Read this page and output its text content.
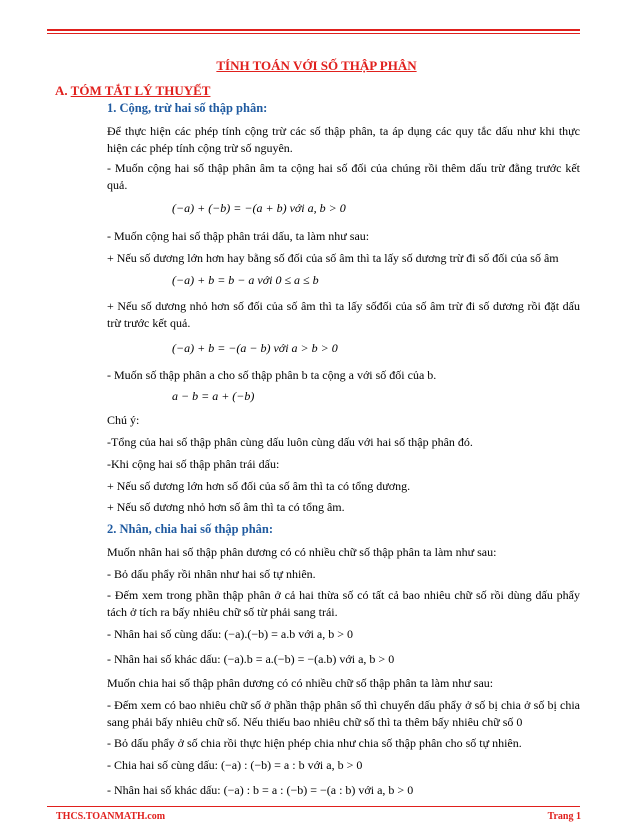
TÍNH TOÁN VỚI SỐ THẬP PHÂN
A. TÓM TẮT LÝ THUYẾT
1. Cộng, trừ hai số thập phân:
Để thực hiện các phép tính cộng trừ các số thập phân, ta áp dụng các quy tắc dấu như khi thực hiện các phép tính cộng trừ số nguyên.
- Muốn cộng hai số thập phân âm ta cộng hai số đối của chúng rồi thêm dấu trừ đằng trước kết quả.
(−a) + (−b) = −(a + b) với a, b > 0
- Muốn cộng hai số thập phân trái dấu, ta làm như sau:
+ Nếu số dương lớn hơn hay bằng số đối của số âm thì ta lấy số dương trừ đi số đối của số âm
(−a) + b = b − a với 0 ≤ a ≤ b
+ Nếu số dương nhỏ hơn số đối của số âm thì ta lấy sốđối của số âm trừ đi số dương rồi đặt dấu trừ trước kết quả.
(−a) + b = −(a − b) với a > b > 0
- Muốn số thập phân a cho số thập phân b ta cộng a với số đối của b.
a − b = a + (−b)
Chú ý:
-Tổng của hai số thập phân cùng dấu luôn cùng dấu với hai số thập phân đó.
-Khi cộng hai số thập phân trái dấu:
+ Nếu số dương lớn hơn số đối của số âm thì ta có tổng dương.
+ Nếu số dương nhỏ hơn số âm thì ta có tổng âm.
2. Nhân, chia hai số thập phân:
Muốn nhân hai số thập phân dương có có nhiều chữ số thập phân ta làm như sau:
- Bỏ dấu phẩy rồi nhân như hai số tự nhiên.
- Đếm xem trong phần thập phân ở cả hai thừa số có tất cả bao nhiêu chữ số rồi dùng dấu phẩy tách ở tích ra bấy nhiêu chữ số từ phải sang trái.
- Nhân hai số cùng dấu: (−a).(−b) = a.b với a, b > 0
- Nhân hai số khác dấu: (−a).b = a.(−b) = −(a.b) với a, b > 0
Muốn chia hai số thập phân dương có có nhiều chữ số thập phân ta làm như sau:
- Đếm xem có bao nhiêu chữ số ở phần thập phân số thì chuyển dấu phẩy ở số bị chia ở số bị chia sang phải bấy nhiêu chữ số. Nếu thiếu bao nhiêu chữ số thì ta thêm bấy nhiêu chữ số 0
- Bỏ dấu phẩy ở số chia rồi thực hiện phép chia như chia số thập phân cho số tự nhiên.
- Chia hai số cùng dấu: (−a) : (−b) = a : b với a, b > 0
- Nhân hai số khác dấu: (−a) : b = a : (−b) = −(a : b) với a, b > 0
THCS.TOANMATH.com	Trang 1
